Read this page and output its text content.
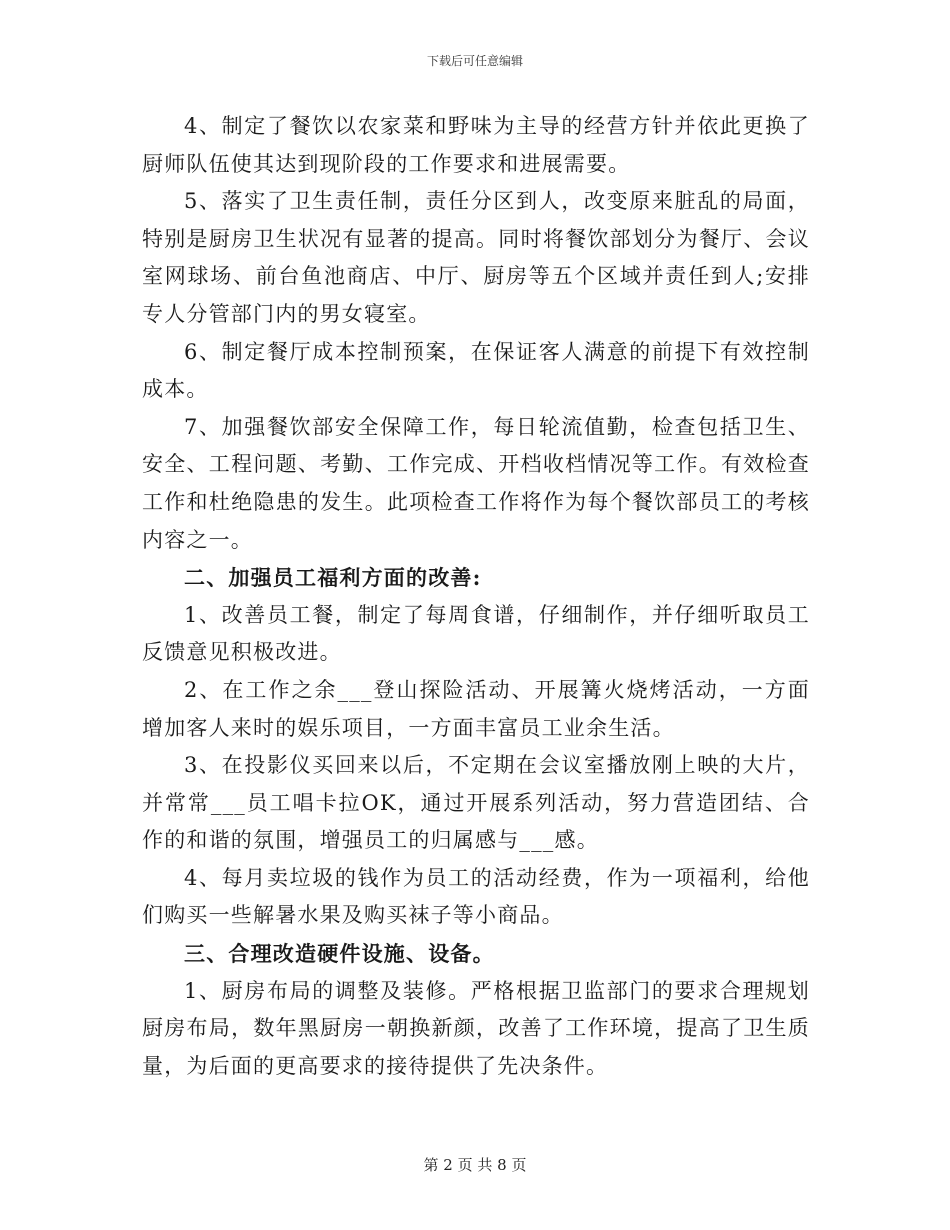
下载后可任意编辑

4、制定了餐饮以农家菜和野味为主导的经营方针并依此更换了厨师队伍使其达到现阶段的工作要求和进展需要。

5、落实了卫生责任制，责任分区到人，改变原来脏乱的局面，特别是厨房卫生状况有显著的提高。同时将餐饮部划分为餐厅、会议室网球场、前台鱼池商店、中厅、厨房等五个区域并责任到人;安排专人分管部门内的男女寝室。

6、制定餐厅成本控制预案，在保证客人满意的前提下有效控制成本。

7、加强餐饮部安全保障工作，每日轮流值勤，检查包括卫生、安全、工程问题、考勤、工作完成、开档收档情况等工作。有效检查工作和杜绝隐患的发生。此项检查工作将作为每个餐饮部员工的考核内容之一。

二、加强员工福利方面的改善:

1、改善员工餐，制定了每周食谱，仔细制作，并仔细听取员工反馈意见积极改进。

2、在工作之余___登山探险活动、开展篝火烧烤活动，一方面增加客人来时的娱乐项目，一方面丰富员工业余生活。

3、在投影仪买回来以后，不定期在会议室播放刚上映的大片，并常常___员工唱卡拉OK，通过开展系列活动，努力营造团结、合作的和谐的氛围，增强员工的归属感与___感。

4、每月卖垃圾的钱作为员工的活动经费，作为一项福利，给他们购买一些解暑水果及购买袜子等小商品。

三、合理改造硬件设施、设备。

1、厨房布局的调整及装修。严格根据卫监部门的要求合理规划厨房布局，数年黑厨房一朝换新颜，改善了工作环境，提高了卫生质量，为后面的更高要求的接待提供了先决条件。

第 2 页 共 8 页
